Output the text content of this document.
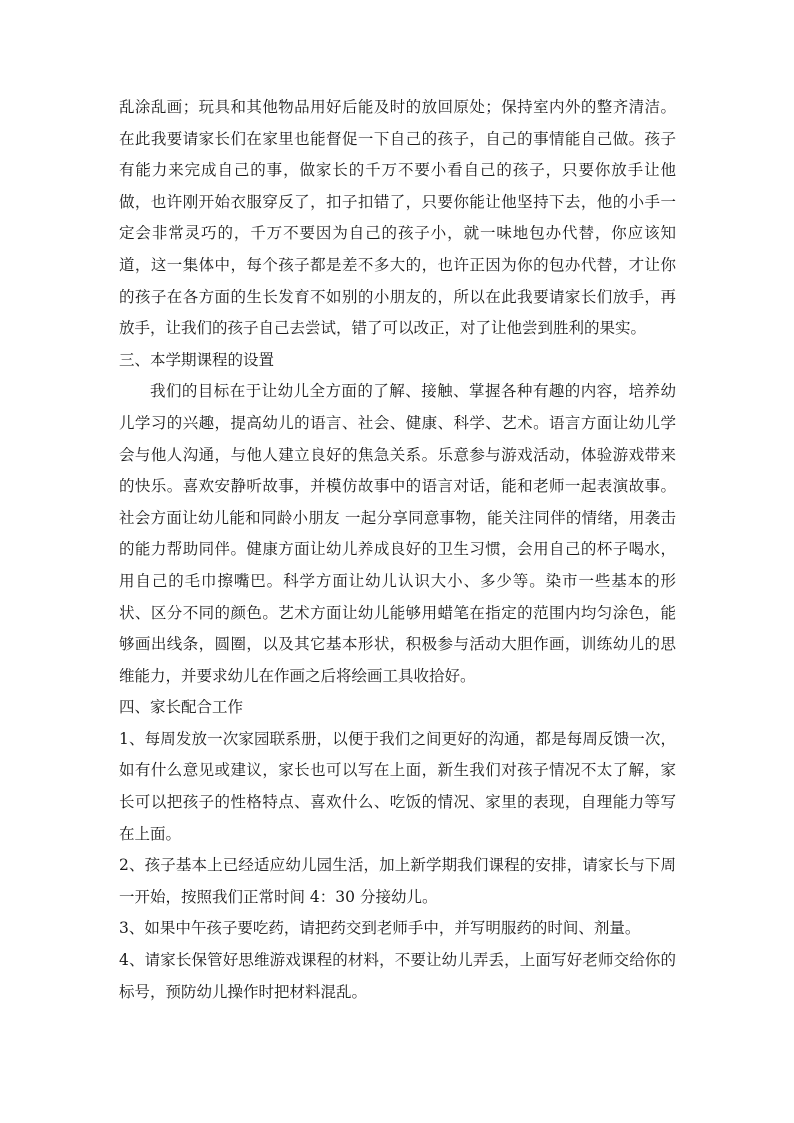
乱涂乱画；玩具和其他物品用好后能及时的放回原处；保持室内外的整齐清洁。在此我要请家长们在家里也能督促一下自己的孩子，自己的事情能自己做。孩子有能力来完成自己的事，做家长的千万不要小看自己的孩子，只要你放手让他做，也许刚开始衣服穿反了，扣子扣错了，只要你能让他坚持下去，他的小手一定会非常灵巧的，千万不要因为自己的孩子小，就一味地包办代替，你应该知道，这一集体中，每个孩子都是差不多大的，也许正因为你的包办代替，才让你的孩子在各方面的生长发育不如别的小朋友的，所以在此我要请家长们放手，再放手，让我们的孩子自己去尝试，错了可以改正，对了让他尝到胜利的果实。

三、本学期课程的设置

我们的目标在于让幼儿全方面的了解、接触、掌握各种有趣的内容，培养幼儿学习的兴趣，提高幼儿的语言、社会、健康、科学、艺术。语言方面让幼儿学会与他人沟通，与他人建立良好的焦急关系。乐意参与游戏活动，体验游戏带来的快乐。喜欢安静听故事，并模仿故事中的语言对话，能和老师一起表演故事。社会方面让幼儿能和同龄小朋友 一起分享同意事物，能关注同伴的情绪，用袭击的能力帮助同伴。健康方面让幼儿养成良好的卫生习惯，会用自己的杯子喝水，用自己的毛巾擦嘴巴。科学方面让幼儿认识大小、多少等。染市一些基本的形状、区分不同的颜色。艺术方面让幼儿能够用蜡笔在指定的范围内均匀涂色，能够画出线条，圆圈，以及其它基本形状，积极参与活动大胆作画，训练幼儿的思维能力，并要求幼儿在作画之后将绘画工具收拾好。

四、家长配合工作

1、每周发放一次家园联系册，以便于我们之间更好的沟通，都是每周反馈一次，如有什么意见或建议，家长也可以写在上面，新生我们对孩子情况不太了解，家长可以把孩子的性格特点、喜欢什么、吃饭的情况、家里的表现，自理能力等写在上面。

2、孩子基本上已经适应幼儿园生活，加上新学期我们课程的安排，请家长与下周一开始，按照我们正常时间 4：30 分接幼儿。

3、如果中午孩子要吃药，请把药交到老师手中，并写明服药的时间、剂量。

4、请家长保管好思维游戏课程的材料，不要让幼儿弄丢，上面写好老师交给你的标号，预防幼儿操作时把材料混乱。
